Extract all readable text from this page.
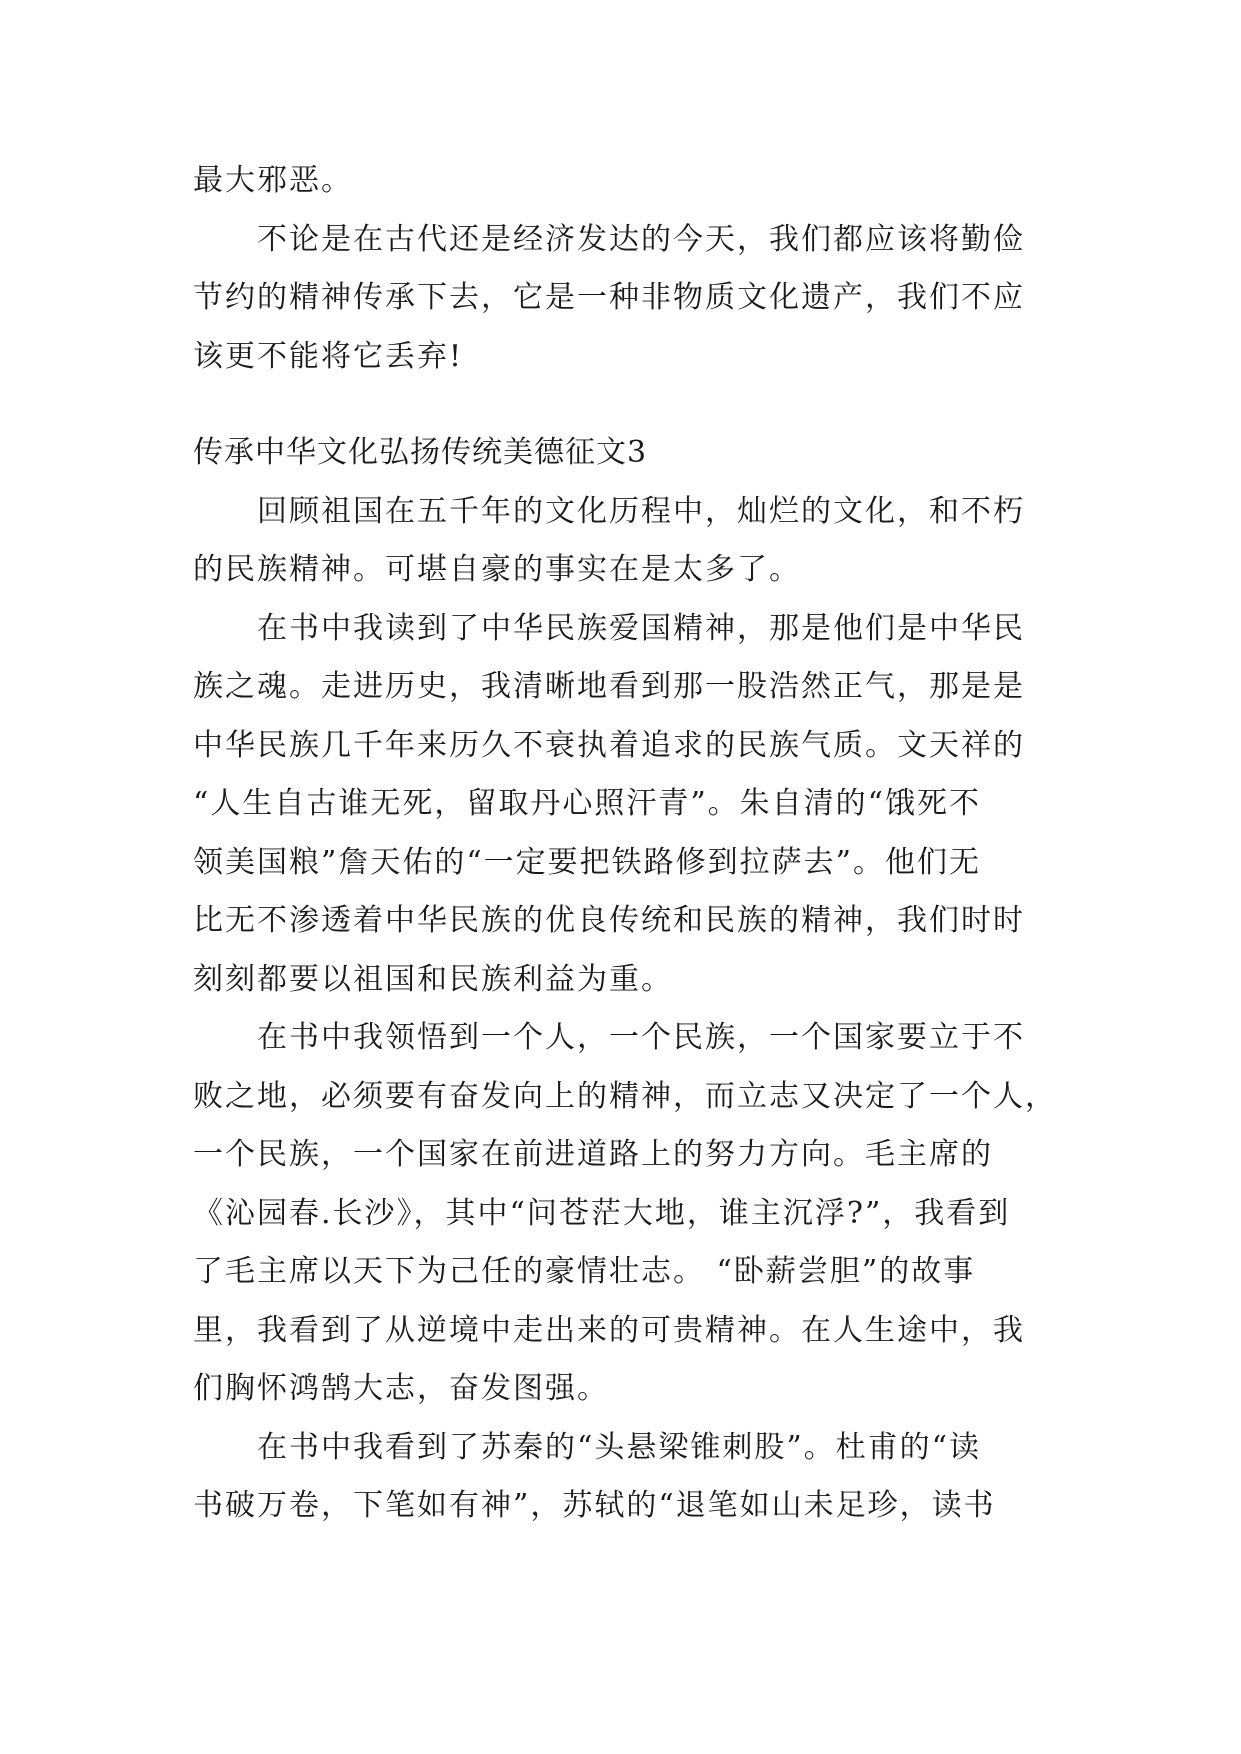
最大邪恶。

不论是在古代还是经济发达的今天，我们都应该将勤俭
节约的精神传承下去，它是一种非物质文化遗产，我们不应
该更不能将它丢弃!

传承中华文化弘扬传统美德征文3

回顾祖国在五千年的文化历程中，灿烂的文化，和不朽
的民族精神。可堪自豪的事实在是太多了。

在书中我读到了中华民族爱国精神，那是他们是中华民
族之魂。走进历史，我清晰地看到那一股浩然正气，那是是
中华民族几千年来历久不衰执着追求的民族气质。文天祥的
“人生自古谁无死，留取丹心照汗青”。朱自清的“饿死不
领美国粮”詹天佑的“一定要把铁路修到拉萨去”。他们无
比无不渗透着中华民族的优良传统和民族的精神，我们时时
刻刻都要以祖国和民族利益为重。

在书中我领悟到一个人，一个民族，一个国家要立于不
败之地，必须要有奋发向上的精神，而立志又决定了一个人，
一个民族，一个国家在前进道路上的努力方向。毛主席的
《沁园春.长沙》，其中“问苍茫大地，谁主沉浮?”，我看到
了毛主席以天下为己任的豪情壮志。 “卧薪尝胆”的故事
里，我看到了从逆境中走出来的可贵精神。在人生途中，我
们胸怀鸿鹄大志，奋发图强。

在书中我看到了苏秦的“头悬梁锥刺股”。杜甫的“读
书破万卷，下笔如有神”，苏轼的“退笔如山未足珍，读书
